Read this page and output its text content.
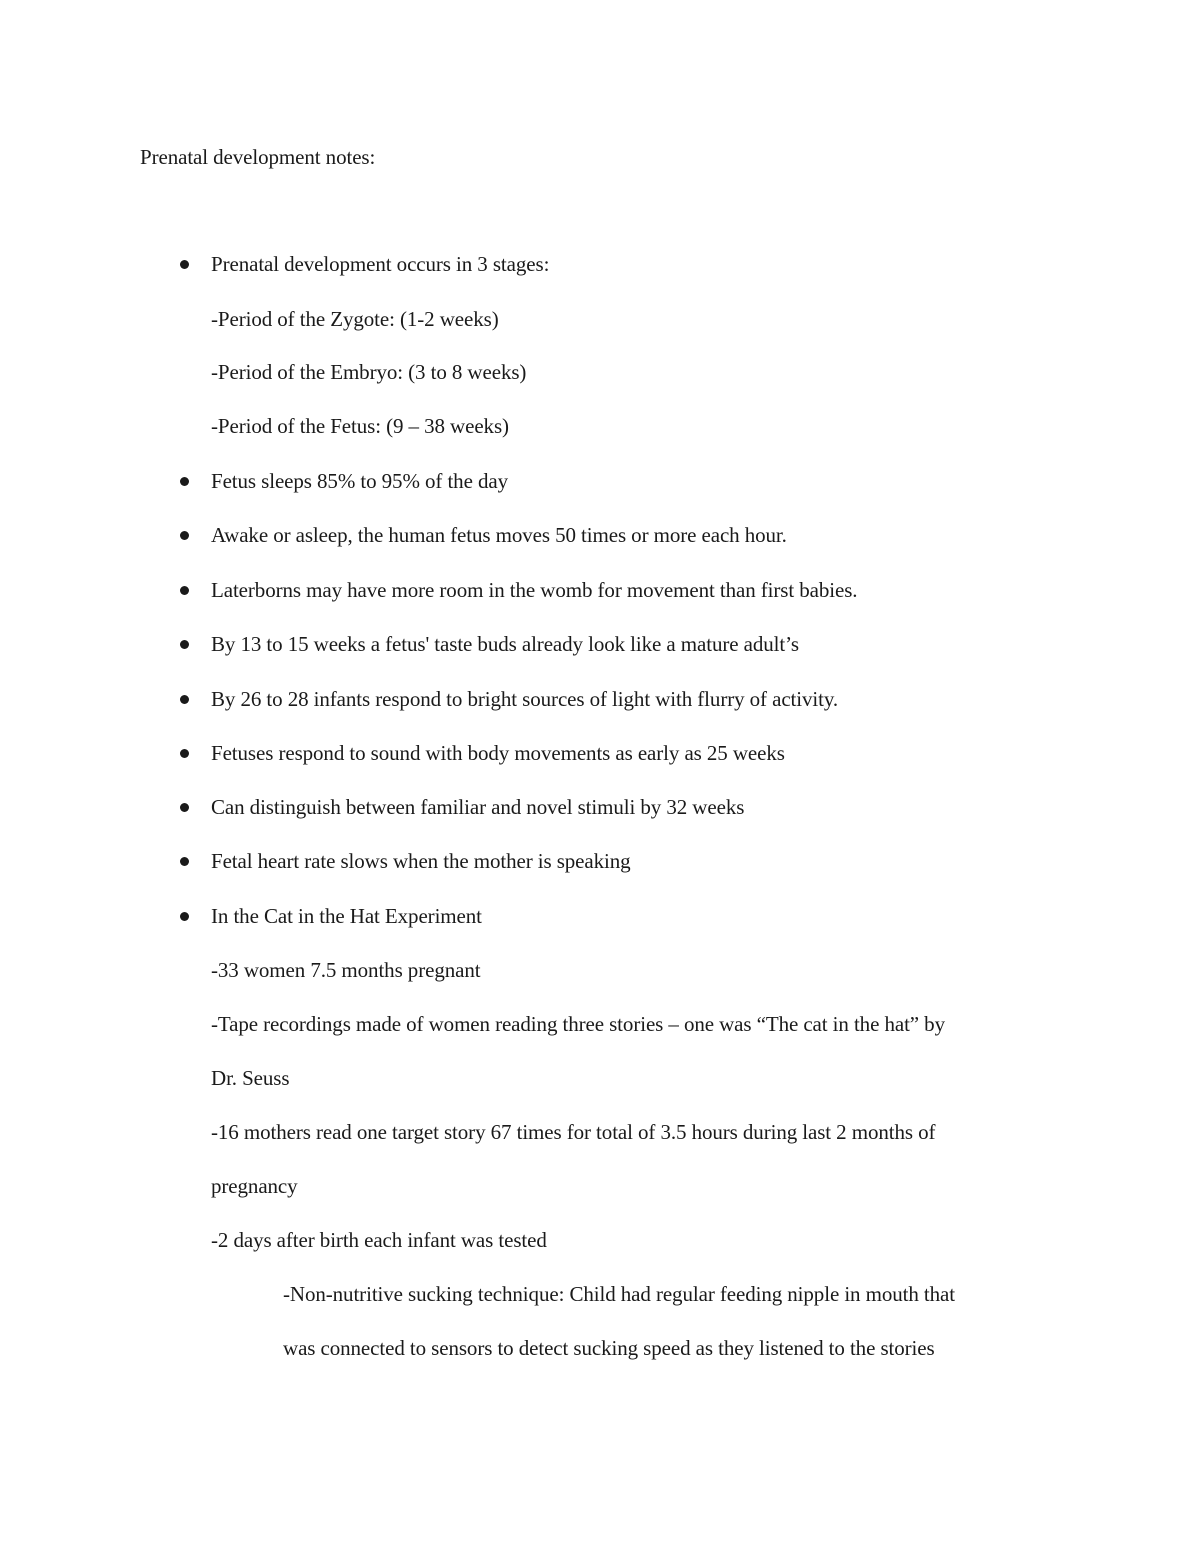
Prenatal development notes:
Prenatal development occurs in 3 stages:
-Period of the Zygote: (1-2 weeks)
-Period of the Embryo: (3 to 8 weeks)
-Period of the Fetus: (9 – 38 weeks)
Fetus sleeps 85% to 95% of the day
Awake or asleep, the human fetus moves 50 times or more each hour.
Laterborns may have more room in the womb for movement than first babies.
By 13 to 15 weeks a fetus' taste buds already look like a mature adult’s
By 26 to 28 infants respond to bright sources of light with flurry of activity.
Fetuses respond to sound with body movements as early as 25 weeks
Can distinguish between familiar and novel stimuli by 32 weeks
Fetal heart rate slows when the mother is speaking
In the Cat in the Hat Experiment
-33 women 7.5 months pregnant
-Tape recordings made of women reading three stories – one was “The cat in the hat” by
Dr. Seuss
-16 mothers read one target story 67 times for total of 3.5 hours during last 2 months of
pregnancy
-2 days after birth each infant was tested
-Non-nutritive sucking technique: Child had regular feeding nipple in mouth that
was connected to sensors to detect sucking speed as they listened to the stories
